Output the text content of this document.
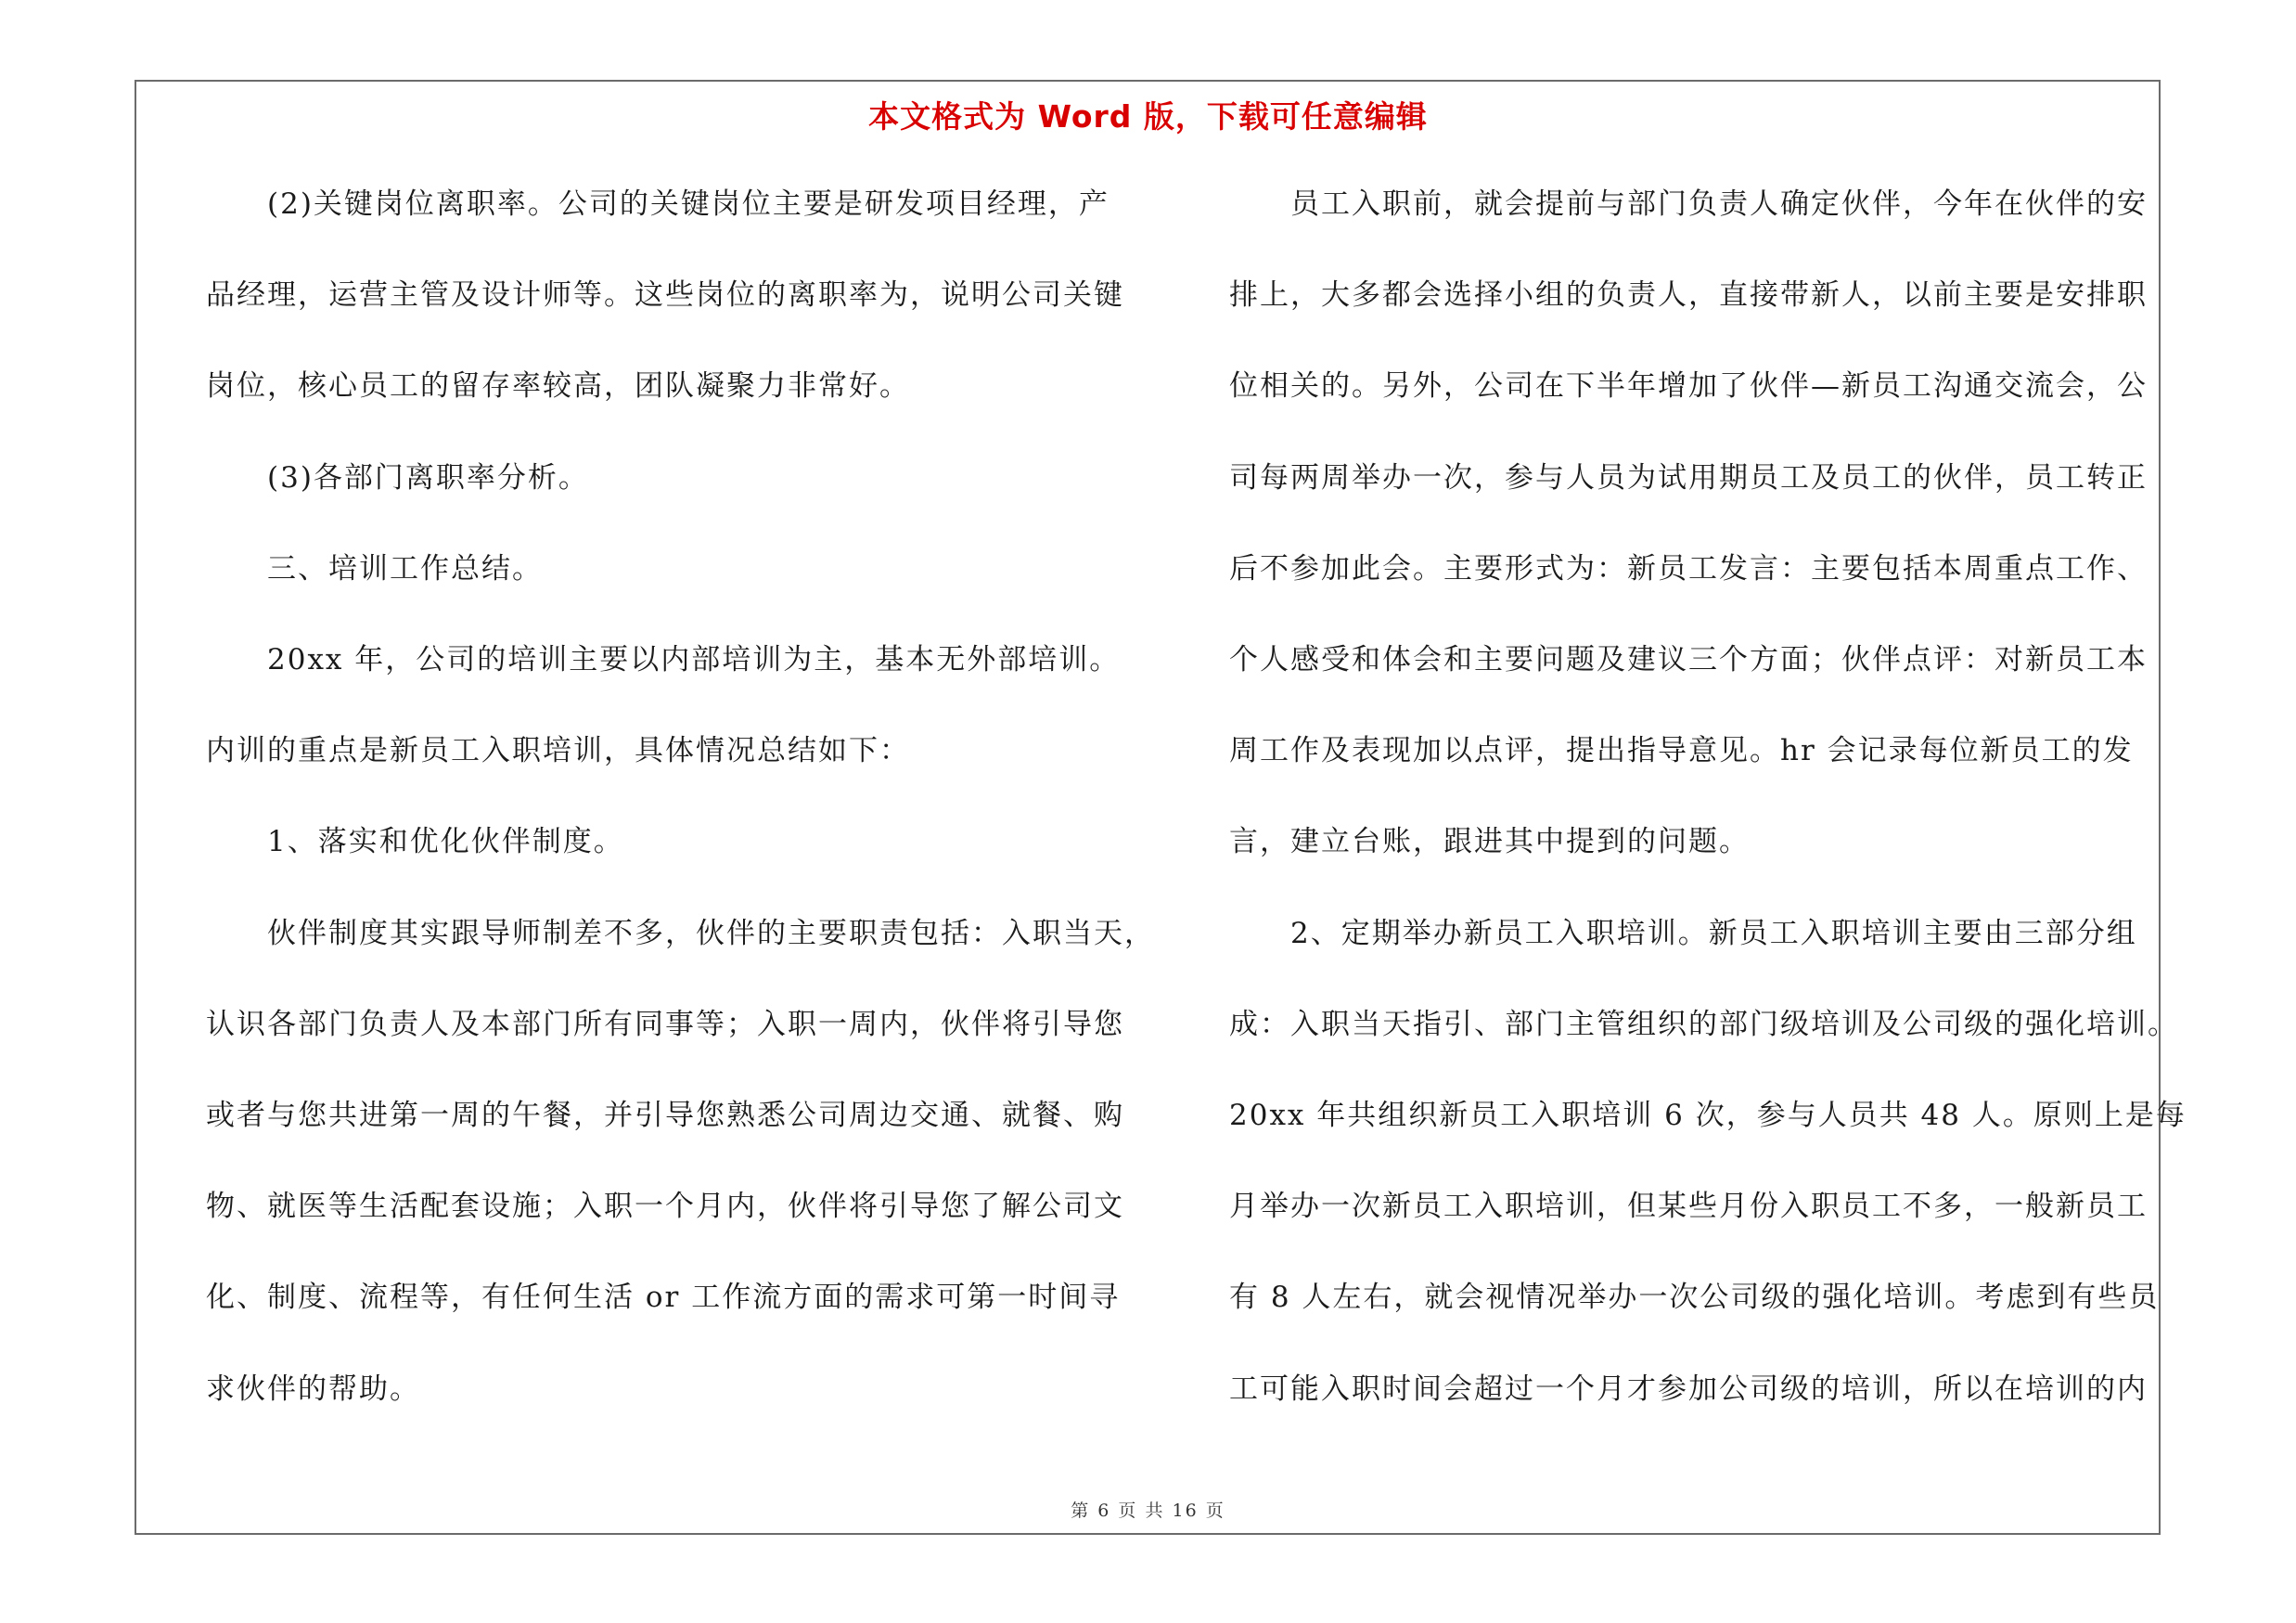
本文格式为 Word 版，下载可任意编辑
　　(2)关键岗位离职率。公司的关键岗位主要是研发项目经理，产
品经理，运营主管及设计师等。这些岗位的离职率为，说明公司关键
岗位，核心员工的留存率较高，团队凝聚力非常好。
　　(3)各部门离职率分析。
　　三、培训工作总结。
　　20xx 年，公司的培训主要以内部培训为主，基本无外部培训。
内训的重点是新员工入职培训，具体情况总结如下：
　　1、落实和优化伙伴制度。
　　伙伴制度其实跟导师制差不多，伙伴的主要职责包括：入职当天，
认识各部门负责人及本部门所有同事等；入职一周内，伙伴将引导您
或者与您共进第一周的午餐，并引导您熟悉公司周边交通、就餐、购
物、就医等生活配套设施；入职一个月内，伙伴将引导您了解公司文
化、制度、流程等，有任何生活 or 工作流方面的需求可第一时间寻
求伙伴的帮助。
　　员工入职前，就会提前与部门负责人确定伙伴，今年在伙伴的安
排上，大多都会选择小组的负责人，直接带新人，以前主要是安排职
位相关的。另外，公司在下半年增加了伙伴—新员工沟通交流会，公
司每两周举办一次，参与人员为试用期员工及员工的伙伴，员工转正
后不参加此会。主要形式为：新员工发言：主要包括本周重点工作、
个人感受和体会和主要问题及建议三个方面；伙伴点评：对新员工本
周工作及表现加以点评，提出指导意见。hr 会记录每位新员工的发
言，建立台账，跟进其中提到的问题。
　　2、定期举办新员工入职培训。新员工入职培训主要由三部分组
成：入职当天指引、部门主管组织的部门级培训及公司级的强化培训。
20xx 年共组织新员工入职培训 6 次，参与人员共 48 人。原则上是每
月举办一次新员工入职培训，但某些月份入职员工不多，一般新员工
有 8 人左右，就会视情况举办一次公司级的强化培训。考虑到有些员
工可能入职时间会超过一个月才参加公司级的培训，所以在培训的内
第 6 页 共 16 页
